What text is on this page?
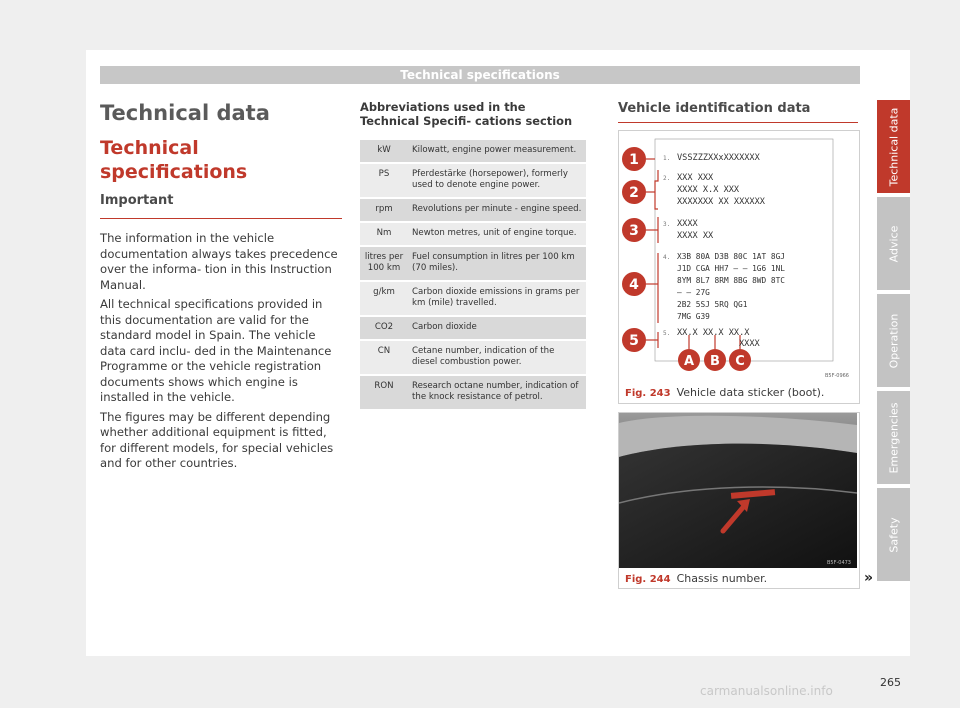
Technical specifications
Technical data
Technical specifications
Important

The information in the vehicle documentation always takes precedence over the informa- tion in this Instruction Manual.

All technical specifications provided in this documentation are valid for the standard model in Spain. The vehicle data card inclu- ded in the Maintenance Programme or the vehicle registration documents shows which engine is installed in the vehicle.

The figures may be different depending whether additional equipment is fitted, for different models, for special vehicles and for other countries.

Abbreviations used in the Technical Specifi- cations section
kW	Kilowatt, engine power measurement.
PS	Pferdestärke (horsepower), formerly used to denote engine power.
rpm	Revolutions per minute - engine speed.
Nm	Newton metres, unit of engine torque.
litres per 100 km	Fuel consumption in litres per 100 km (70 miles).
g/km	Carbon dioxide emissions in grams per km (mile) travelled.
CO2	Carbon dioxide
CN	Cetane number, indication of the diesel combustion power.
RON	Research octane number, indication of the knock resistance of petrol.
Vehicle identification data
1
2
3
4
5
A B C
1.
2.
3.
4.
5.
VSSZZZXXxXXXXXXX
XXX XXX
XXXX X.X XXX
XXXXXXX XX XXXXXX
XXXX
XXXX XX
X3B 80A D3B 80C 1AT 8GJ
J1D CGA HH7 – – 1G6 1NL
8YM 8L7 8RM 8BG 8WD 8TC
– – 27G
2B2 5SJ 5RQ QG1
7MG G39
XX.X XX.X XX.X
XXXX
B5F-0966
Fig. 243 Vehicle data sticker (boot).
B5F-0473
Fig. 244 Chassis number.	»
Technical data
Advice
Operation
Emergencies
Safety
265
carmanualsonline.info
